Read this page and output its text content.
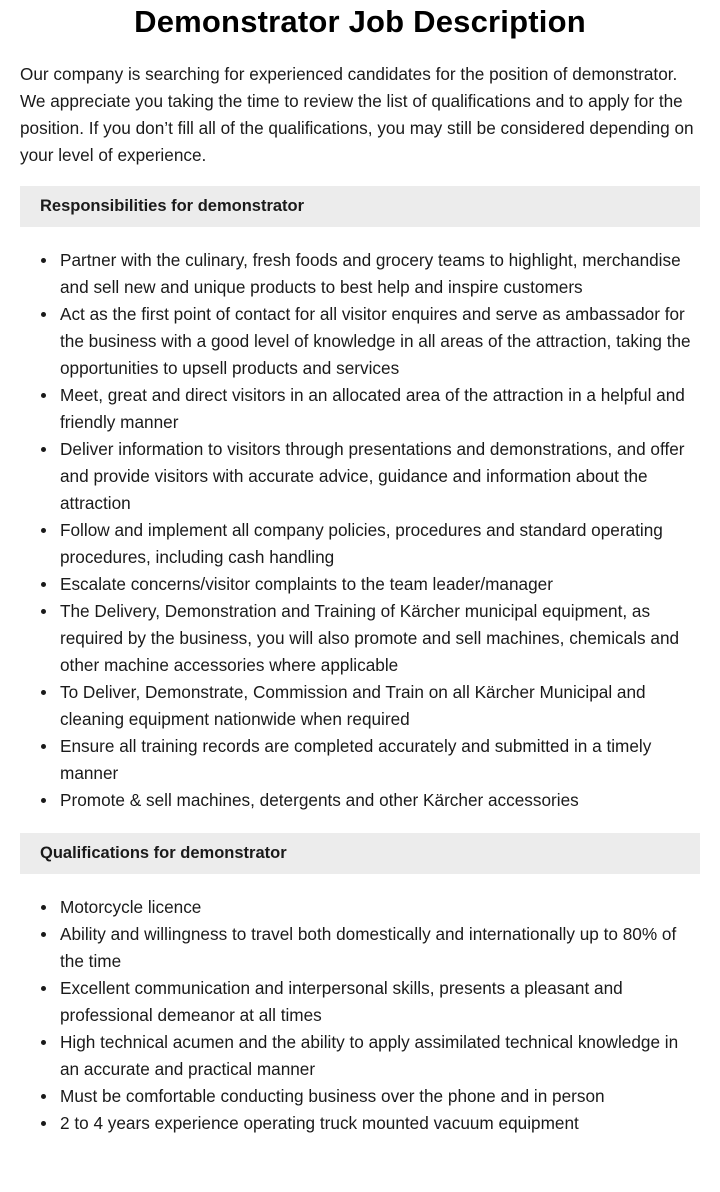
Demonstrator Job Description

Our company is searching for experienced candidates for the position of demonstrator. We appreciate you taking the time to review the list of qualifications and to apply for the position. If you don’t fill all of the qualifications, you may still be considered depending on your level of experience.

Responsibilities for demonstrator
Partner with the culinary, fresh foods and grocery teams to highlight, merchandise and sell new and unique products to best help and inspire customers
Act as the first point of contact for all visitor enquires and serve as ambassador for the business with a good level of knowledge in all areas of the attraction, taking the opportunities to upsell products and services
Meet, great and direct visitors in an allocated area of the attraction in a helpful and friendly manner
Deliver information to visitors through presentations and demonstrations, and offer and provide visitors with accurate advice, guidance and information about the attraction
Follow and implement all company policies, procedures and standard operating procedures, including cash handling
Escalate concerns/visitor complaints to the team leader/manager
The Delivery, Demonstration and Training of Kärcher municipal equipment, as required by the business, you will also promote and sell machines, chemicals and other machine accessories where applicable
To Deliver, Demonstrate, Commission and Train on all Kärcher Municipal and cleaning equipment nationwide when required
Ensure all training records are completed accurately and submitted in a timely manner
Promote & sell machines, detergents and other Kärcher accessories
Qualifications for demonstrator
Motorcycle licence
Ability and willingness to travel both domestically and internationally up to 80% of the time
Excellent communication and interpersonal skills, presents a pleasant and professional demeanor at all times
High technical acumen and the ability to apply assimilated technical knowledge in an accurate and practical manner
Must be comfortable conducting business over the phone and in person
2 to 4 years experience operating truck mounted vacuum equipment
